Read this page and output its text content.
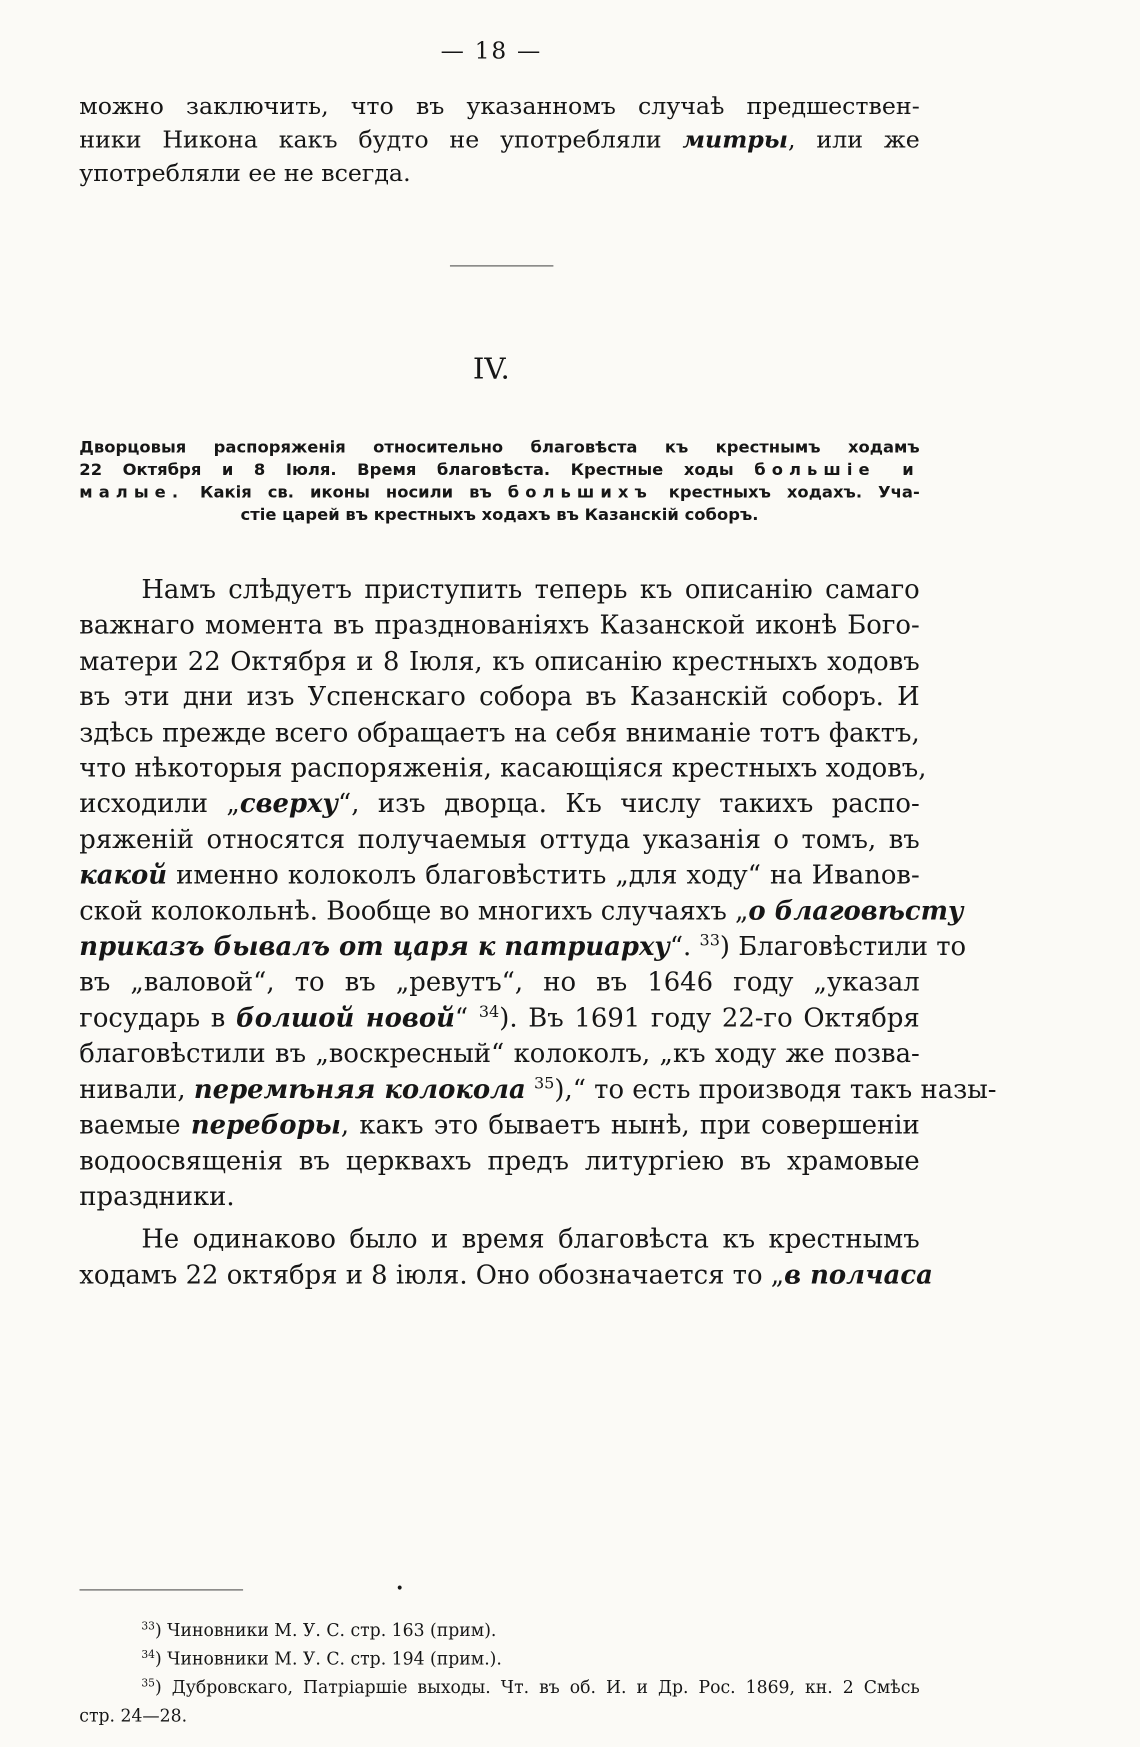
— 18 —
можно заключить, что въ указанномъ случаѣ предшествен-
ники Никона какъ будто не употребляли митры, или же
употребляли ее не всегда.
IV.
Дворцовыя распоряженія относительно благовѣста къ крестнымъ ходамъ
22 Октября и 8 Іюля. Время благовѣста. Крестные ходы большіе и
малые. Какія св. иконы носили въ большихъ крестныхъ ходахъ. Уча-
стіе царей въ крестныхъ ходахъ въ Казанскій соборъ.
Намъ слѣдуетъ приступить теперь къ описанію самаго
важнаго момента въ празднованіяхъ Казанской иконѣ Бого-
матери 22 Октября и 8 Іюля, къ описанію крестныхъ ходовъ
въ эти дни изъ Успенскаго собора въ Казанскій соборъ. И
здѣсь прежде всего обращаетъ на себя вниманіе тотъ фактъ,
что нѣкоторыя распоряженія, касающіяся крестныхъ ходовъ,
исходили „сверху“, изъ дворца. Къ числу такихъ распо-
ряженій относятся получаемыя оттуда указанія о томъ, въ
какой именно колоколъ благовѣстить „для ходу“ на Ивanов-
ской колокольнѣ. Вообще во многихъ случаяхъ „о благовѣсту
приказъ бывалъ от царя к патриарху“. $^{33}$) Благовѣстили то
въ „валовой“, то въ „ревутъ“, но въ 1646 году „указал
государь в болшой новой“ $^{34}$). Въ 1691 году 22-го Октября
благовѣстили въ „воскресный“ колоколъ, „къ ходу же позва-
нивали, перемѣняя колокола $^{35}$),“ то есть производя такъ назы-
ваемые переборы, какъ это бываетъ нынѣ, при совершеніи
водоосвященія въ церквахъ предъ литургіею въ храмовые
праздники.
Не одинаково было и время благовѣста къ крестнымъ
ходамъ 22 октября и 8 іюля. Оно обозначается то „в полчаса
•
$^{33}$) Чиновники М. У. С. стр. 163 (прим).
$^{34}$) Чиновники М. У. С. стр. 194 (прим.).
$^{35}$) Дубровскаго, Патріаршіе выходы. Чт. въ об. И. и Др. Рос. 1869, кн. 2 Смѣсь
стр. 24—28.
